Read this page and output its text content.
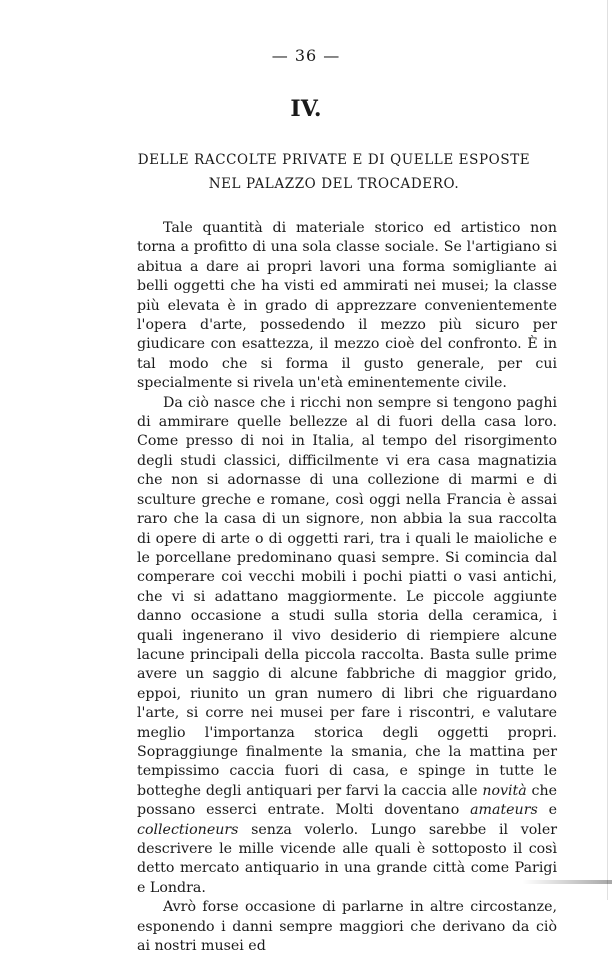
— 36 —
IV.
DELLE RACCOLTE PRIVATE E DI QUELLE ESPOSTE
NEL PALAZZO DEL TROCADERO.

Tale quantità di materiale storico ed artistico non torna a profitto di una sola classe sociale. Se l'artigiano si abitua a dare ai propri lavori una forma somigliante ai belli oggetti che ha visti ed ammirati nei musei; la classe più elevata è in grado di apprezzare convenientemente l'opera d'arte, possedendo il mezzo più sicuro per giudicare con esattezza, il mezzo cioè del confronto. È in tal modo che si forma il gusto generale, per cui specialmente si rivela un'età eminentemente civile.

Da ciò nasce che i ricchi non sempre si tengono paghi di ammirare quelle bellezze al di fuori della casa loro. Come presso di noi in Italia, al tempo del risorgimento degli studi classici, difficilmente vi era casa magnatizia che non si adornasse di una collezione di marmi e di sculture greche e romane, così oggi nella Francia è assai raro che la casa di un signore, non abbia la sua raccolta di opere di arte o di oggetti rari, tra i quali le maioliche e le porcellane predominano quasi sempre. Si comincia dal comperare coi vecchi mobili i pochi piatti o vasi antichi, che vi si adattano maggiormente. Le piccole aggiunte danno occasione a studi sulla storia della ceramica, i quali ingenerano il vivo desiderio di riempiere alcune lacune principali della piccola raccolta. Basta sulle prime avere un saggio di alcune fabbriche di maggior grido, eppoi, riunito un gran numero di libri che riguardano l'arte, si corre nei musei per fare i riscontri, e valutare meglio l'importanza storica degli oggetti propri. Sopraggiunge finalmente la smania, che la mattina per tempissimo caccia fuori di casa, e spinge in tutte le botteghe degli antiquari per farvi la caccia alle novità che possano esserci entrate. Molti doventano amateurs e collectioneurs senza volerlo. Lungo sarebbe il voler descrivere le mille vicende alle quali è sottoposto il così detto mercato antiquario in una grande città come Parigi e Londra.

Avrò forse occasione di parlarne in altre circostanze, esponendo i danni sempre maggiori che derivano da ciò ai nostri musei ed
